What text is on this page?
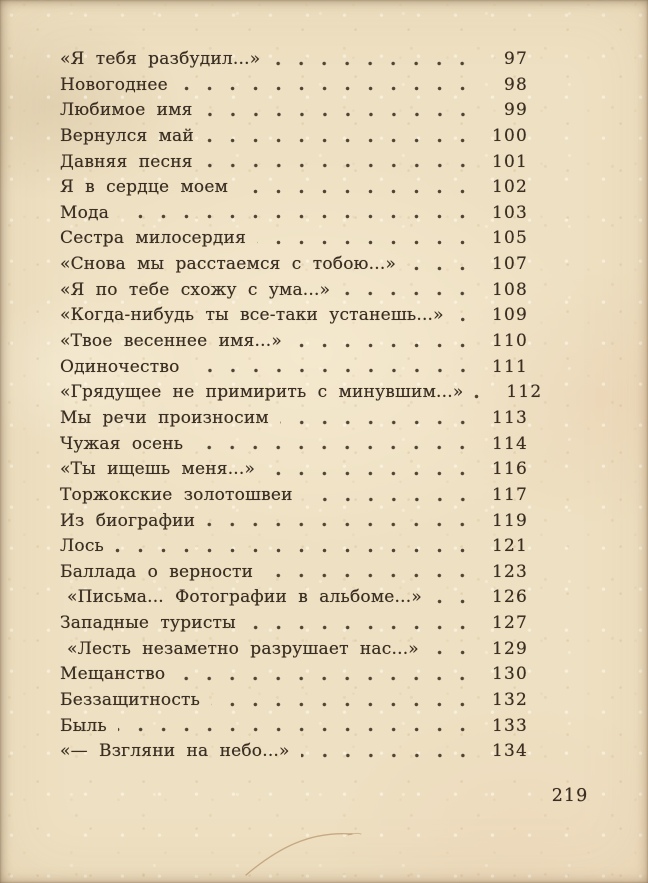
«Я тебя разбудил...»	97
Новогоднее	98
Любимое имя	99
Вернулся май	100
Давняя песня	101
Я в сердце моем	102
Мода	103
Сестра милосердия	105
«Снова мы расстаемся с тобою...»	107
«Я по тебе схожу с ума...»	108
«Когда-нибудь ты все-таки устанешь...»	109
«Твое весеннее имя...»	110
Одиночество	111
«Грядущее не примирить с минувшим...»	112
Мы речи произносим	113
Чужая осень	114
«Ты ищешь меня...»	116
Торжокские золотошвеи	117
Из биографии	119
Лось	121
Баллада о верности	123
«Письма... Фотографии в альбоме...»	126
Западные туристы	127
«Лесть незаметно разрушает нас...»	129
Мещанство	130
Беззащитность	132
Быль	133
«— Взгляни на небо...»	134
219
